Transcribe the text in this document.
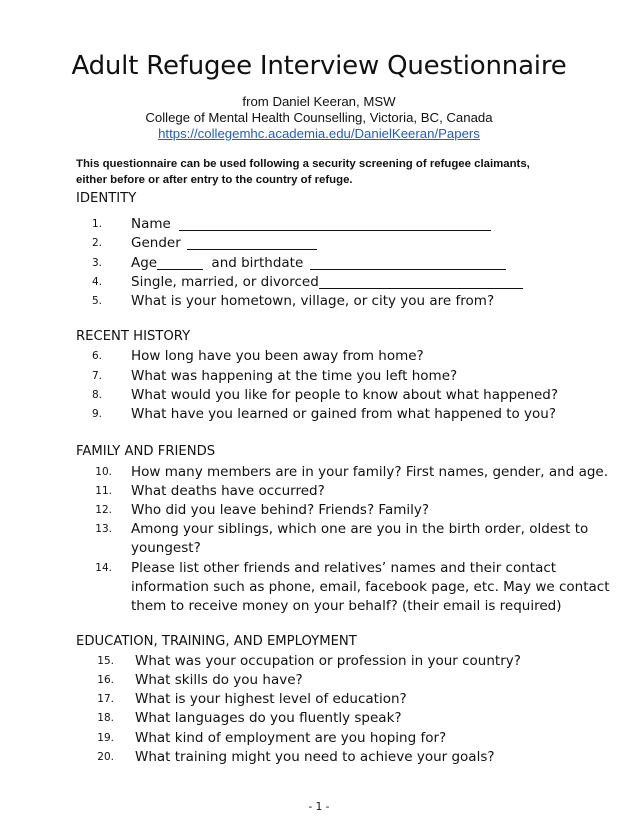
Adult Refugee Interview Questionnaire
from Daniel Keeran, MSW
College of Mental Health Counselling, Victoria, BC, Canada
https://collegemhc.academia.edu/DanielKeeran/Papers
This questionnaire can be used following a security screening of refugee claimants,
either before or after entry to the country of refuge.
IDENTITY
1. Name
2. Gender
3. Age	and birthdate
4. Single, married, or divorced
5. What is your hometown, village, or city you are from?
RECENT HISTORY
6. How long have you been away from home?
7. What was happening at the time you left home?
8. What would you like for people to know about what happened?
9. What have you learned or gained from what happened to you?
FAMILY AND FRIENDS
10. How many members are in your family? First names, gender, and age.
11. What deaths have occurred?
12. Who did you leave behind? Friends? Family?
13. Among your siblings, which one are you in the birth order, oldest to
youngest?
14. Please list other friends and relatives’ names and their contact
information such as phone, email, facebook page, etc. May we contact
them to receive money on your behalf? (their email is required)
EDUCATION, TRAINING, AND EMPLOYMENT
15. What was your occupation or profession in your country?
16. What skills do you have?
17. What is your highest level of education?
18. What languages do you fluently speak?
19. What kind of employment are you hoping for?
20. What training might you need to achieve your goals?
- 1 -
